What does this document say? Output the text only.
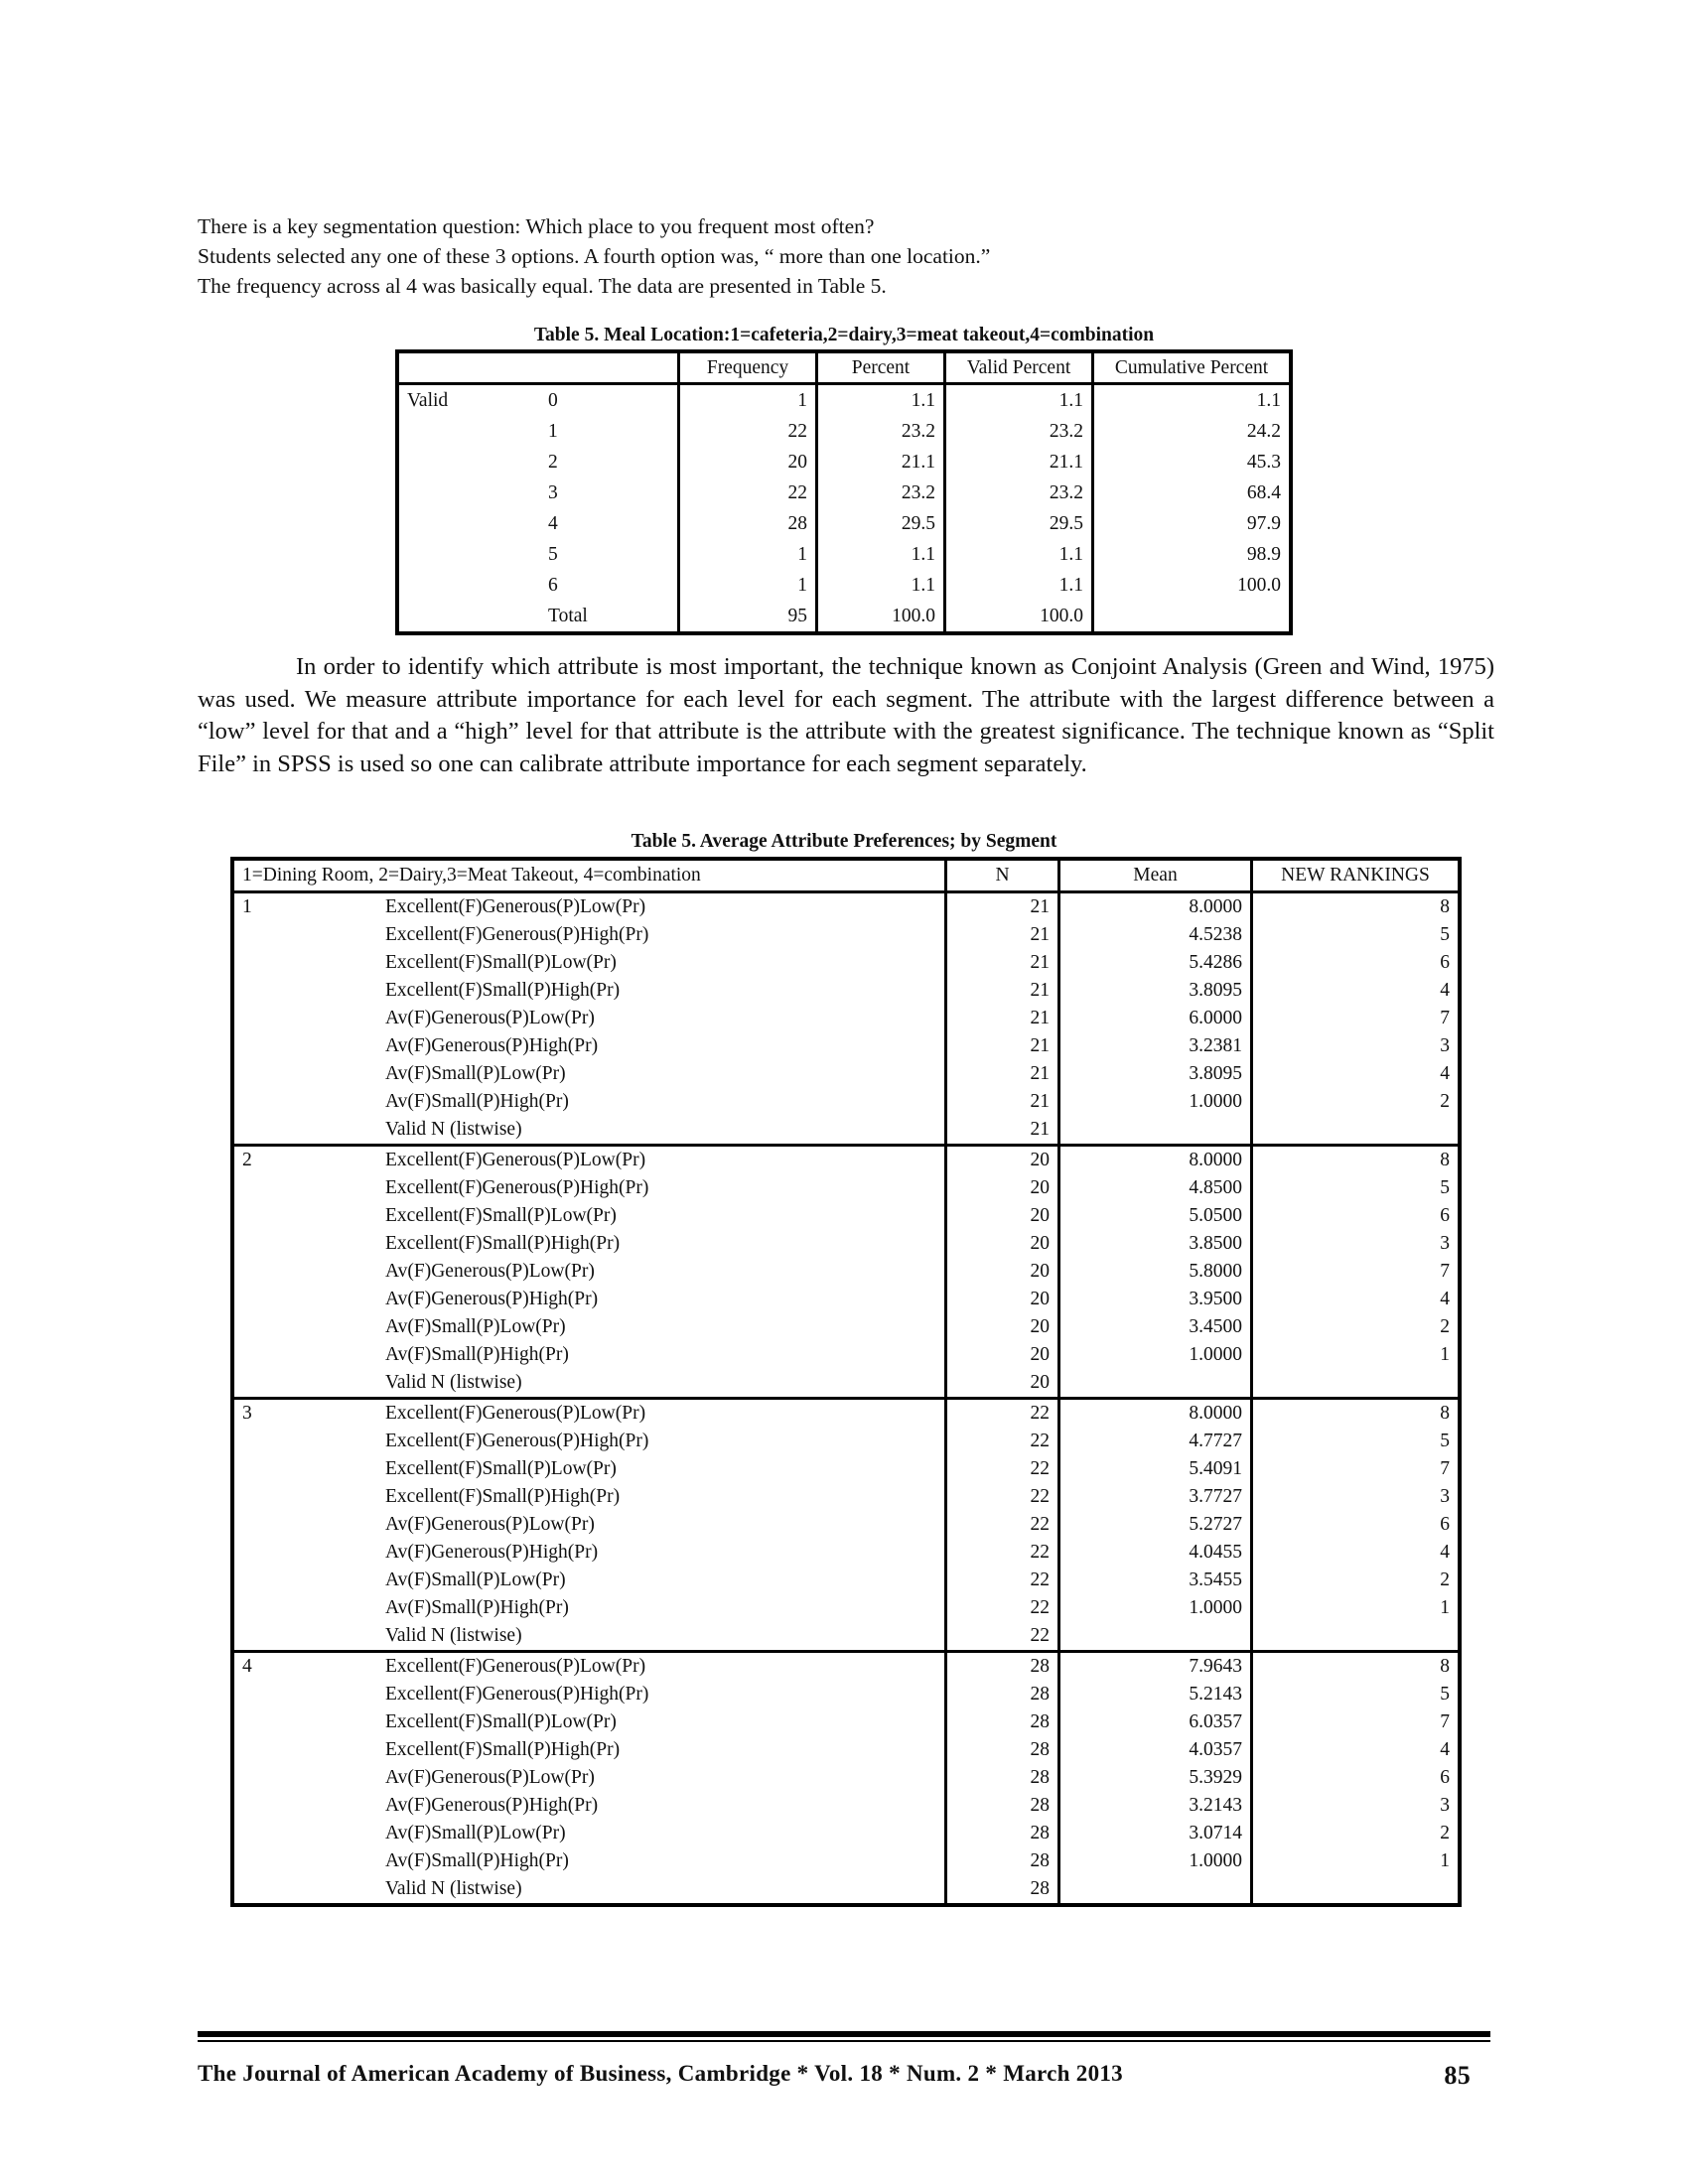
There is a key segmentation question: Which place to you frequent most often?
Students selected any one of these 3 options. A fourth option was, “ more than one location.”
The frequency across al 4 was basically equal. The data are presented in Table 5.
Table 5. Meal Location:1=cafeteria,2=dairy,3=meat takeout,4=combination
		Frequency	Percent	Valid Percent	Cumulative Percent
Valid	0	1	1.1	1.1	1.1
	1	22	23.2	23.2	24.2
	2	20	21.1	21.1	45.3
	3	22	23.2	23.2	68.4
	4	28	29.5	29.5	97.9
	5	1	1.1	1.1	98.9
	6	1	1.1	1.1	100.0
	Total	95	100.0	100.0	
In order to identify which attribute is most important, the technique known as Conjoint Analysis (Green and Wind, 1975) was used. We measure attribute importance for each level for each segment. The attribute with the largest difference between a “low” level for that and a “high” level for that attribute is the attribute with the greatest significance. The technique known as “Split File” in SPSS is used so one can calibrate attribute importance for each segment separately.
Table 5. Average Attribute Preferences; by Segment
1=Dining Room, 2=Dairy,3=Meat Takeout, 4=combination		N	Mean	NEW RANKINGS
1	Excellent(F)Generous(P)Low(Pr)	21	8.0000	8
	Excellent(F)Generous(P)High(Pr)	21	4.5238	5
	Excellent(F)Small(P)Low(Pr)	21	5.4286	6
	Excellent(F)Small(P)High(Pr)	21	3.8095	4
	Av(F)Generous(P)Low(Pr)	21	6.0000	7
	Av(F)Generous(P)High(Pr)	21	3.2381	3
	Av(F)Small(P)Low(Pr)	21	3.8095	4
	Av(F)Small(P)High(Pr)	21	1.0000	2
	Valid N (listwise)	21		
2	Excellent(F)Generous(P)Low(Pr)	20	8.0000	8
	Excellent(F)Generous(P)High(Pr)	20	4.8500	5
	Excellent(F)Small(P)Low(Pr)	20	5.0500	6
	Excellent(F)Small(P)High(Pr)	20	3.8500	3
	Av(F)Generous(P)Low(Pr)	20	5.8000	7
	Av(F)Generous(P)High(Pr)	20	3.9500	4
	Av(F)Small(P)Low(Pr)	20	3.4500	2
	Av(F)Small(P)High(Pr)	20	1.0000	1
	Valid N (listwise)	20		
3	Excellent(F)Generous(P)Low(Pr)	22	8.0000	8
	Excellent(F)Generous(P)High(Pr)	22	4.7727	5
	Excellent(F)Small(P)Low(Pr)	22	5.4091	7
	Excellent(F)Small(P)High(Pr)	22	3.7727	3
	Av(F)Generous(P)Low(Pr)	22	5.2727	6
	Av(F)Generous(P)High(Pr)	22	4.0455	4
	Av(F)Small(P)Low(Pr)	22	3.5455	2
	Av(F)Small(P)High(Pr)	22	1.0000	1
	Valid N (listwise)	22		
4	Excellent(F)Generous(P)Low(Pr)	28	7.9643	8
	Excellent(F)Generous(P)High(Pr)	28	5.2143	5
	Excellent(F)Small(P)Low(Pr)	28	6.0357	7
	Excellent(F)Small(P)High(Pr)	28	4.0357	4
	Av(F)Generous(P)Low(Pr)	28	5.3929	6
	Av(F)Generous(P)High(Pr)	28	3.2143	3
	Av(F)Small(P)Low(Pr)	28	3.0714	2
	Av(F)Small(P)High(Pr)	28	1.0000	1
	Valid N (listwise)	28		
The Journal of American Academy of Business, Cambridge * Vol. 18 * Num. 2 * March 2013	85
